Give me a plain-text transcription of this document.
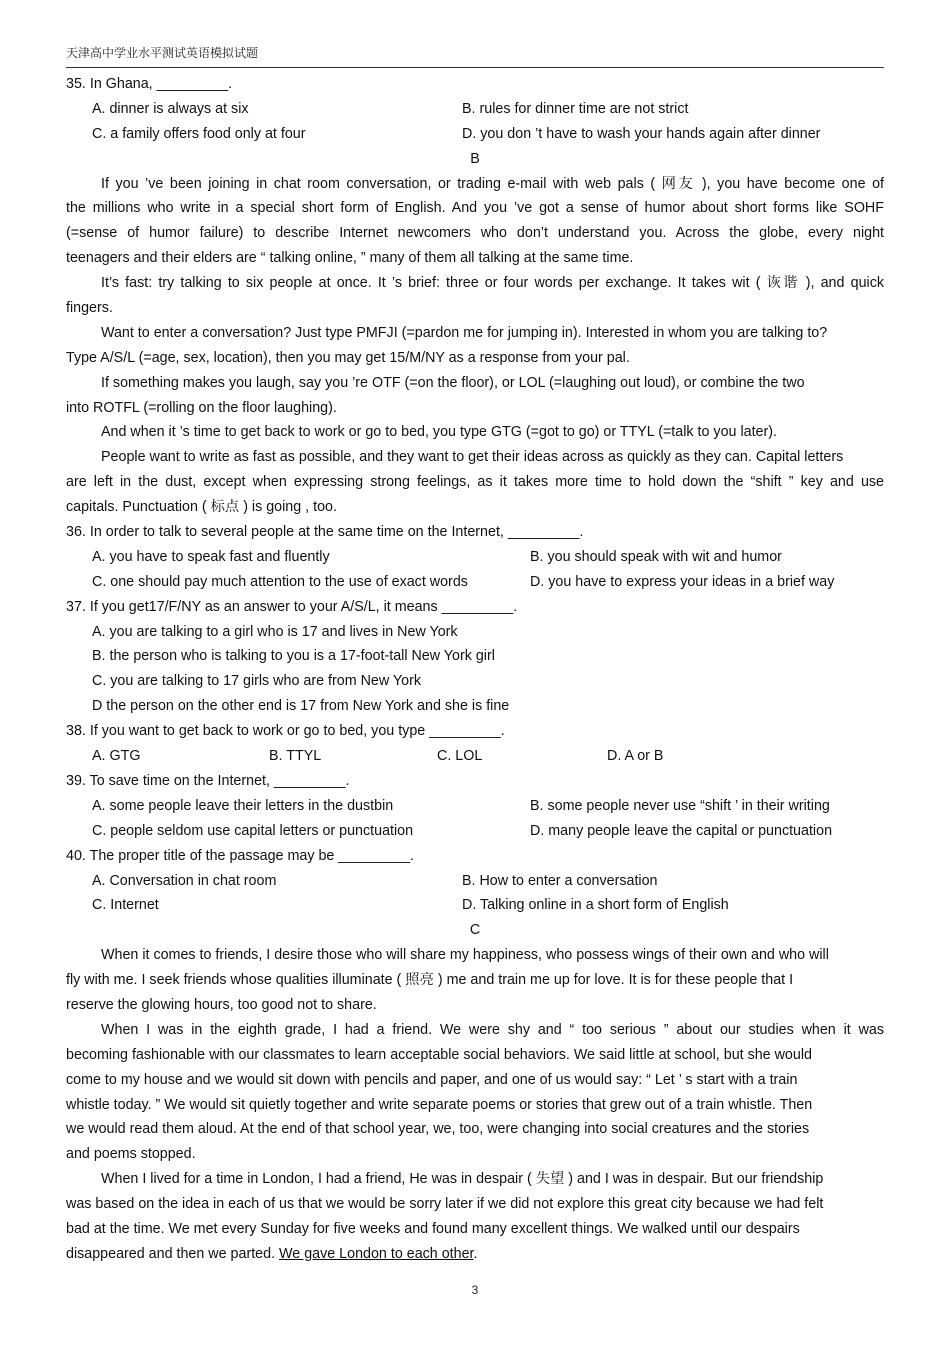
天津高中学业水平测试英语模拟试题
35. In Ghana, _________.
A. dinner is always at six	B. rules for dinner time are not strict
C. a family offers food only at four	D. you don ’t have to wash your hands again after dinner
B
If you ’ve been joining in chat room conversation, or trading e-mail with web pals ( 网友 ), you have become one of
the millions who write in a special short form of English. And you ’ve got a sense of humor about short forms like SOHF
(=sense of humor failure) to describe Internet newcomers who don’t understand you. Across the globe, every night
teenagers and their elders are “ talking online, ” many of them all talking at the same time.
It’s fast: try talking to six people at once. It ’s brief: three or four words per exchange. It takes wit ( 诙谐 ), and quick
fingers.
Want to enter a conversation? Just type PMFJI (=pardon me for jumping in). Interested in whom you are talking to?
Type A/S/L (=age, sex, location), then you may get 15/M/NY as a response from your pal.
If something makes you laugh, say you ’re OTF (=on the floor), or LOL (=laughing out loud), or combine the two
into ROTFL (=rolling on the floor laughing).
And when it ’s time to get back to work or go to bed, you type GTG (=got to go) or TTYL (=talk to you later).
People want to write as fast as possible, and they want to get their ideas across as quickly as they can. Capital letters
are left in the dust, except when expressing strong feelings, as it takes more time to hold down the “shift ” key and use
capitals. Punctuation ( 标点 ) is going , too.
36. In order to talk to several people at the same time on the Internet, _________.
A. you have to speak fast and fluently	B. you should speak with wit and humor
C. one should pay much attention to the use of exact words	D. you have to express your ideas in a brief way
37. If you get17/F/NY as an answer to your A/S/L, it means _________.
A. you are talking to a girl who is 17 and lives in New York
B. the person who is talking to you is a 17-foot-tall New York girl
C. you are talking to 17 girls who are from New York
D the person on the other end is 17 from New York and she is fine
38. If you want to get back to work or go to bed, you type _________.
A. GTG	B. TTYL	C. LOL	D. A or B
39. To save time on the Internet, _________.
A. some people leave their letters in the dustbin	B. some people never use “shift ’ in their writing
C. people seldom use capital letters or punctuation	D. many people leave the capital or punctuation
40. The proper title of the passage may be _________.
A. Conversation in chat room	B. How to enter a conversation
C. Internet	D. Talking online in a short form of English
C
When it comes to friends, I desire those who will share my happiness, who possess wings of their own and who will
fly with me. I seek friends whose qualities illuminate ( 照亮 ) me and train me up for love. It is for these people that I
reserve the glowing hours, too good not to share.
When I was in the eighth grade, I had a friend. We were shy and “ too serious ” about our studies when it was
becoming fashionable with our classmates to learn acceptable social behaviors. We said little at school, but she would
come to my house and we would sit down with pencils and paper, and one of us would say: “ Let ’ s start with a train
whistle today. ” We would sit quietly together and write separate poems or stories that grew out of a train whistle. Then
we would read them aloud. At the end of that school year, we, too, were changing into social creatures and the stories
and poems stopped.
When I lived for a time in London, I had a friend, He was in despair ( 失望 ) and I was in despair. But our friendship
was based on the idea in each of us that we would be sorry later if we did not explore this great city because we had felt
bad at the time. We met every Sunday for five weeks and found many excellent things. We walked until our despairs
disappeared and then we parted. We gave London to each other.
3
